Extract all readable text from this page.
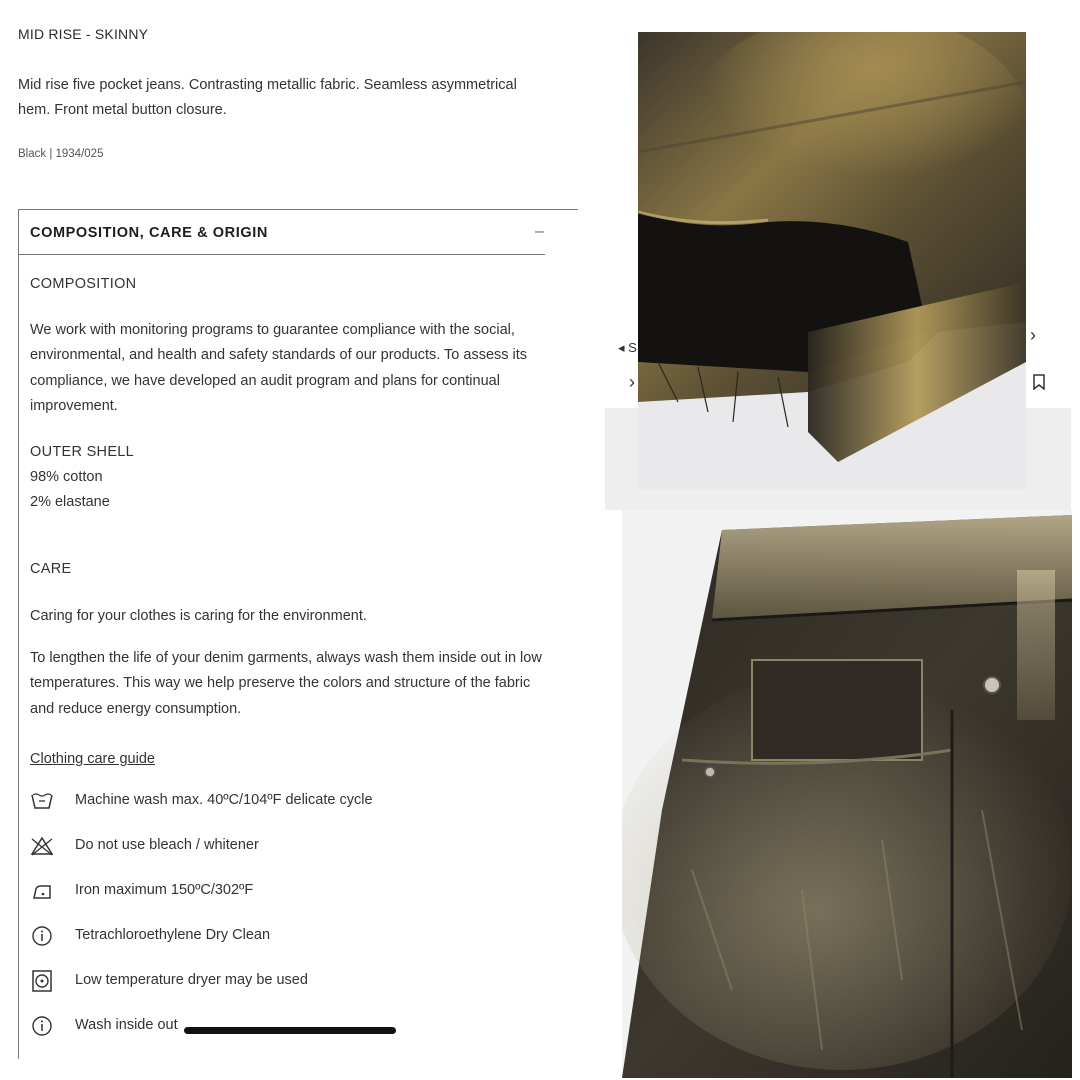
MID RISE - SKINNY
Mid rise five pocket jeans. Contrasting metallic fabric. Seamless asymmetrical hem. Front metal button closure.
Black | 1934/025
COMPOSITION, CARE & ORIGIN	–
COMPOSITION
We work with monitoring programs to guarantee compliance with the social, environmental, and health and safety standards of our products. To assess its compliance, we have developed an audit program and plans for continual improvement.
OUTER SHELL
98% cotton
2% elastane
CARE
Caring for your clothes is caring for the environment.
To lengthen the life of your denim garments, always wash them inside out in low temperatures. This way we help preserve the colors and structure of the fabric and reduce energy consumption.
Clothing care guide
Machine wash max. 40ºC/104ºF delicate cycle
Do not use bleach / whitener
Iron maximum 150ºC/302ºF
Tetrachloroethylene Dry Clean
Low temperature dryer may be used
Wash inside out
◂ S
›
›
